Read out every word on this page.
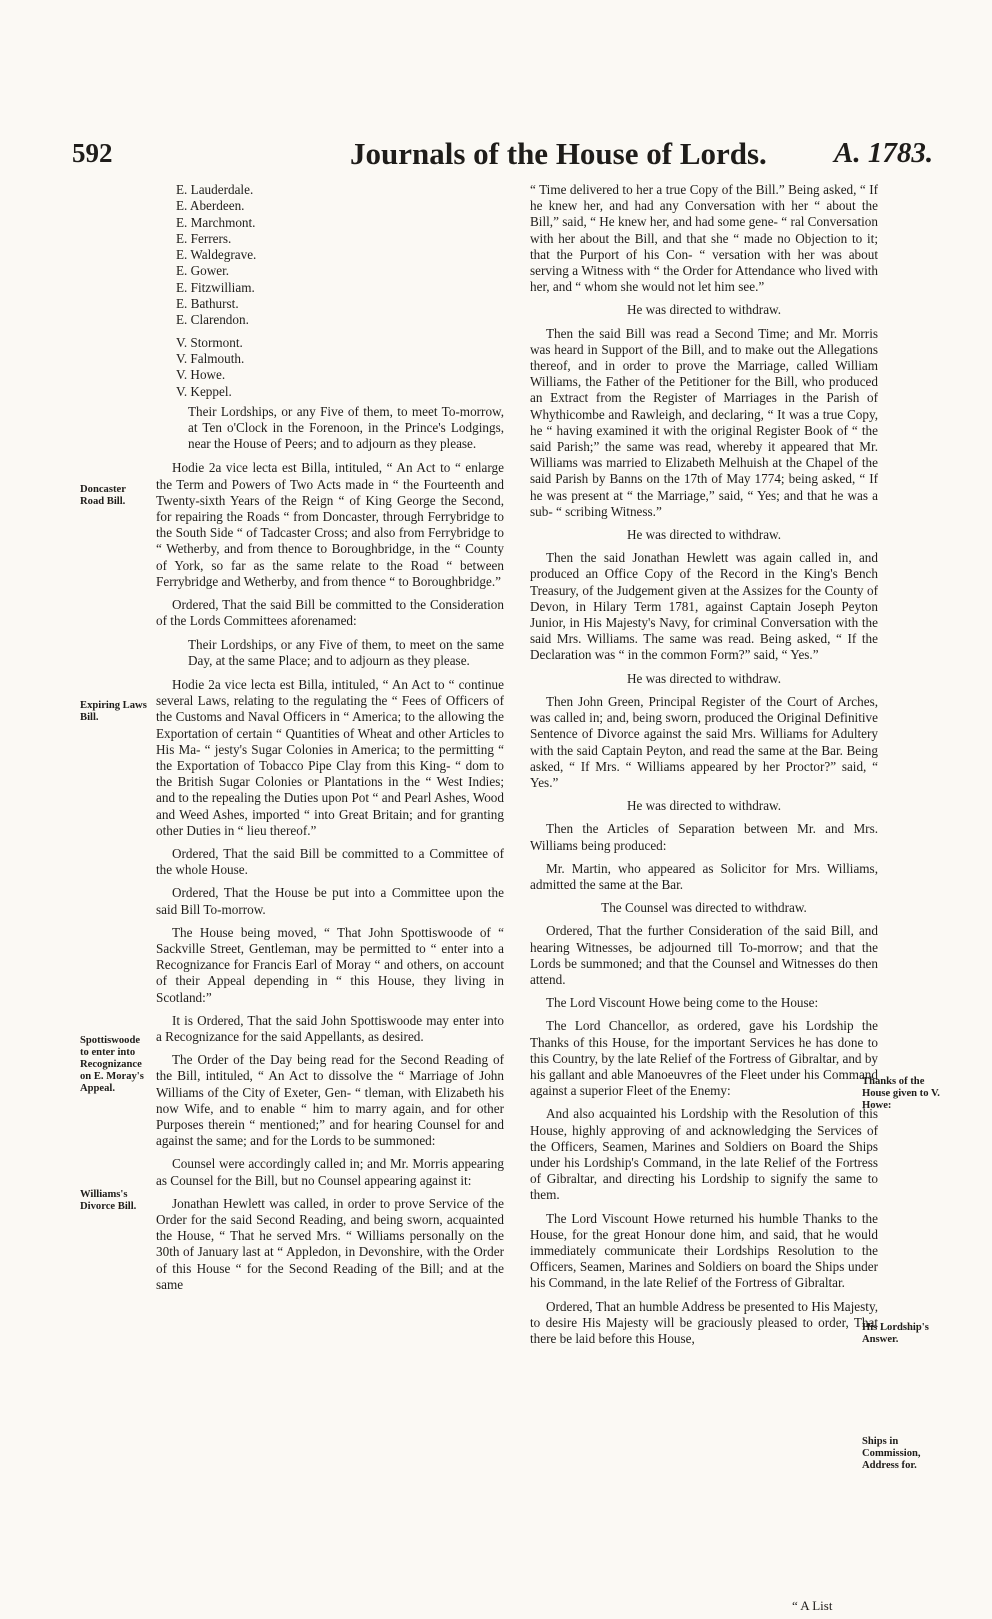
592	Journals of the House of Lords. A. 1783.
Doncaster Road Bill.
Expiring Laws Bill.
Spottiswoode to enter into Recognizance on E. Moray's Appeal.
Williams's Divorce Bill.
Thanks of the House given to V. Howe:
His Lordship's Answer.
Ships in Commission, Address for.
E. Lauderdale.
E. Aberdeen.
E. Marchmont.
E. Ferrers.
E. Waldegrave.
E. Gower.
E. Fitzwilliam.
E. Bathurst.
E. Clarendon.
V. Stormont.
V. Falmouth.
V. Howe.
V. Keppel.

Their Lordships, or any Five of them, to meet To-morrow, at Ten o'Clock in the Forenoon, in the Prince's Lodgings, near the House of Peers; and to adjourn as they please.

Hodie 2a vice lecta est Billa, intituled, “ An Act to “ enlarge the Term and Powers of Two Acts made in “ the Fourteenth and Twenty-sixth Years of the Reign “ of King George the Second, for repairing the Roads “ from Doncaster, through Ferrybridge to the South Side “ of Tadcaster Cross; and also from Ferrybridge to “ Wetherby, and from thence to Boroughbridge, in the “ County of York, so far as the same relate to the Road “ between Ferrybridge and Wetherby, and from thence “ to Boroughbridge.”

Ordered, That the said Bill be committed to the Consideration of the Lords Committees aforenamed:

Their Lordships, or any Five of them, to meet on the same Day, at the same Place; and to adjourn as they please.

Hodie 2a vice lecta est Billa, intituled, “ An Act to “ continue several Laws, relating to the regulating the “ Fees of Officers of the Customs and Naval Officers in “ America; to the allowing the Exportation of certain “ Quantities of Wheat and other Articles to His Ma- “ jesty's Sugar Colonies in America; to the permitting “ the Exportation of Tobacco Pipe Clay from this King- “ dom to the British Sugar Colonies or Plantations in the “ West Indies; and to the repealing the Duties upon Pot “ and Pearl Ashes, Wood and Weed Ashes, imported “ into Great Britain; and for granting other Duties in “ lieu thereof.”

Ordered, That the said Bill be committed to a Committee of the whole House.

Ordered, That the House be put into a Committee upon the said Bill To-morrow.

The House being moved, “ That John Spottiswoode of “ Sackville Street, Gentleman, may be permitted to “ enter into a Recognizance for Francis Earl of Moray “ and others, on account of their Appeal depending in “ this House, they living in Scotland:”

It is Ordered, That the said John Spottiswoode may enter into a Recognizance for the said Appellants, as desired.

The Order of the Day being read for the Second Reading of the Bill, intituled, “ An Act to dissolve the “ Marriage of John Williams of the City of Exeter, Gen- “ tleman, with Elizabeth his now Wife, and to enable “ him to marry again, and for other Purposes therein “ mentioned;” and for hearing Counsel for and against the same; and for the Lords to be summoned:

Counsel were accordingly called in; and Mr. Morris appearing as Counsel for the Bill, but no Counsel appearing against it:

Jonathan Hewlett was called, in order to prove Service of the Order for the said Second Reading, and being sworn, acquainted the House, “ That he served Mrs. “ Williams personally on the 30th of January last at “ Appledon, in Devonshire, with the Order of this House “ for the Second Reading of the Bill; and at the same

“ Time delivered to her a true Copy of the Bill.” Being asked, “ If he knew her, and had any Conversation with her “ about the Bill,” said, “ He knew her, and had some gene- “ ral Conversation with her about the Bill, and that she “ made no Objection to it; that the Purport of his Con- “ versation with her was about serving a Witness with “ the Order for Attendance who lived with her, and “ whom she would not let him see.”

He was directed to withdraw.

Then the said Bill was read a Second Time; and Mr. Morris was heard in Support of the Bill, and to make out the Allegations thereof, and in order to prove the Marriage, called William Williams, the Father of the Petitioner for the Bill, who produced an Extract from the Register of Marriages in the Parish of Whythicombe and Rawleigh, and declaring, “ It was a true Copy, he “ having examined it with the original Register Book of “ the said Parish;” the same was read, whereby it appeared that Mr. Williams was married to Elizabeth Melhuish at the Chapel of the said Parish by Banns on the 17th of May 1774; being asked, “ If he was present at “ the Marriage,” said, “ Yes; and that he was a sub- “ scribing Witness.”

He was directed to withdraw.

Then the said Jonathan Hewlett was again called in, and produced an Office Copy of the Record in the King's Bench Treasury, of the Judgement given at the Assizes for the County of Devon, in Hilary Term 1781, against Captain Joseph Peyton Junior, in His Majesty's Navy, for criminal Conversation with the said Mrs. Williams. The same was read. Being asked, “ If the Declaration was “ in the common Form?” said, “ Yes.”

He was directed to withdraw.

Then John Green, Principal Register of the Court of Arches, was called in; and, being sworn, produced the Original Definitive Sentence of Divorce against the said Mrs. Williams for Adultery with the said Captain Peyton, and read the same at the Bar. Being asked, “ If Mrs. “ Williams appeared by her Proctor?” said, “ Yes.”

He was directed to withdraw.

Then the Articles of Separation between Mr. and Mrs. Williams being produced:

Mr. Martin, who appeared as Solicitor for Mrs. Williams, admitted the same at the Bar.

The Counsel was directed to withdraw.

Ordered, That the further Consideration of the said Bill, and hearing Witnesses, be adjourned till To-morrow; and that the Lords be summoned; and that the Counsel and Witnesses do then attend.

The Lord Viscount Howe being come to the House:

The Lord Chancellor, as ordered, gave his Lordship the Thanks of this House, for the important Services he has done to this Country, by the late Relief of the Fortress of Gibraltar, and by his gallant and able Manoeuvres of the Fleet under his Command against a superior Fleet of the Enemy:

And also acquainted his Lordship with the Resolution of this House, highly approving of and acknowledging the Services of the Officers, Seamen, Marines and Soldiers on Board the Ships under his Lordship's Command, in the late Relief of the Fortress of Gibraltar, and directing his Lordship to signify the same to them.

The Lord Viscount Howe returned his humble Thanks to the House, for the great Honour done him, and said, that he would immediately communicate their Lordships Resolution to the Officers, Seamen, Marines and Soldiers on board the Ships under his Command, in the late Relief of the Fortress of Gibraltar.

Ordered, That an humble Address be presented to His Majesty, to desire His Majesty will be graciously pleased to order, That there be laid before this House,

“ A List
